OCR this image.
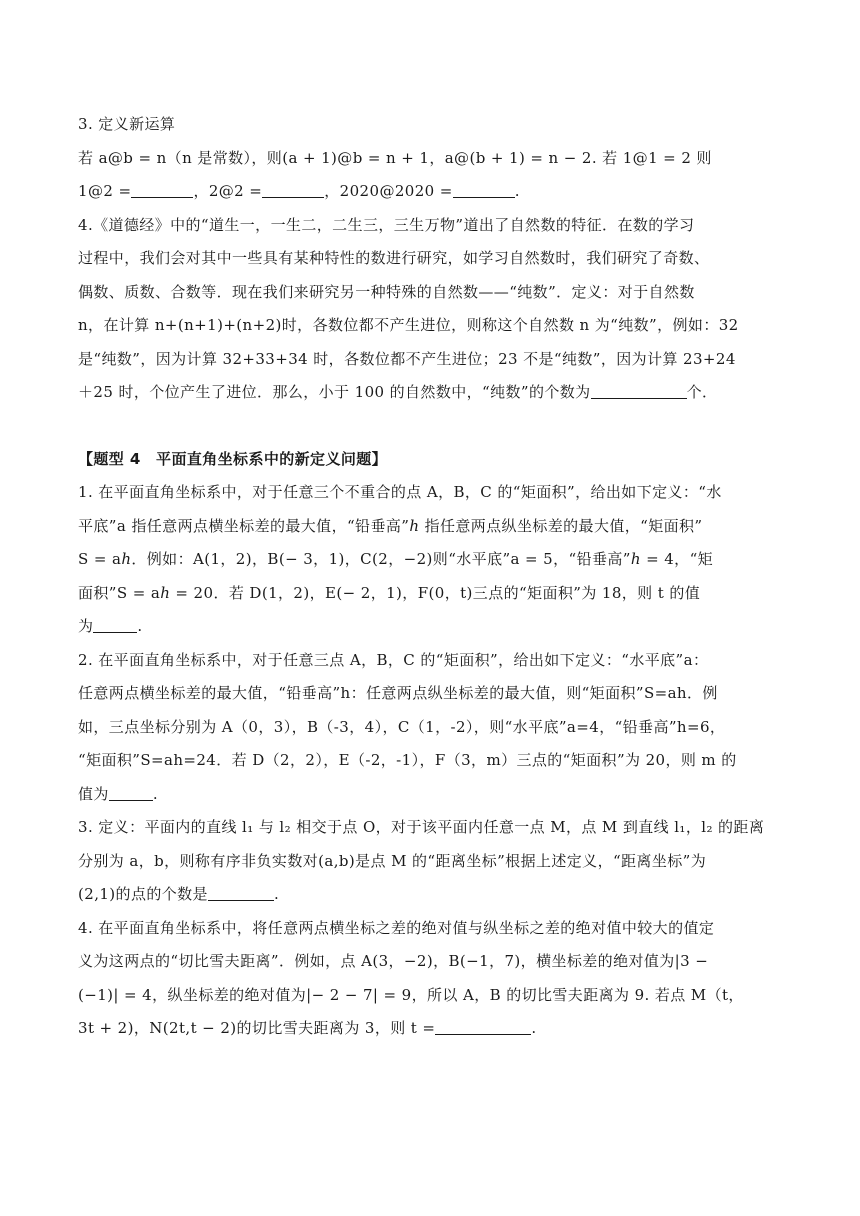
3. 定义新运算

若 a@b = n（n 是常数），则(a + 1)@b = n + 1，a@(b + 1) = n − 2. 若 1@1 = 2 则

1@2 =	，2@2 =	，2020@2020 =	.

4.《道德经》中的“道生一，一生二，二生三，三生万物”道出了自然数的特征．在数的学习

过程中，我们会对其中一些具有某种特性的数进行研究，如学习自然数时，我们研究了奇数、

偶数、质数、合数等．现在我们来研究另一种特殊的自然数——“纯数”．定义：对于自然数

n，在计算 n+(n+1)+(n+2)时，各数位都不产生进位，则称这个自然数 n 为“纯数”，例如：32

是“纯数”，因为计算 32+33+34 时，各数位都不产生进位；23 不是“纯数”，因为计算 23+24

＋25 时，个位产生了进位．那么，小于 100 的自然数中，“纯数”的个数为	个．

【题型 4　平面直角坐标系中的新定义问题】

1. 在平面直角坐标系中，对于任意三个不重合的点 A，B，C 的“矩面积”，给出如下定义：“水

平底”a 指任意两点横坐标差的最大值，“铅垂高”ℎ 指任意两点纵坐标差的最大值，“矩面积”

S = aℎ．例如：A(1，2)，B(− 3，1)，C(2，−2)则“水平底”a = 5，“铅垂高”ℎ = 4，“矩

面积”S = aℎ = 20．若 D(1，2)，E(− 2，1)，F(0，t)三点的“矩面积”为 18，则 t 的值

为	.

2. 在平面直角坐标系中，对于任意三点 A，B，C 的“矩面积”，给出如下定义：“水平底”a：

任意两点横坐标差的最大值，“铅垂高”h：任意两点纵坐标差的最大值，则“矩面积”S=ah．例

如，三点坐标分别为 A（0，3），B（-3，4），C（1，-2），则“水平底”a=4，“铅垂高”h=6，

“矩面积”S=ah=24．若 D（2，2），E（-2，-1），F（3，m）三点的“矩面积”为 20，则 m 的

值为	.

3. 定义：平面内的直线 l₁ 与 l₂ 相交于点 O，对于该平面内任意一点 M，点 M 到直线 l₁，l₂ 的距离

分别为 a，b，则称有序非负实数对(a,b)是点 M 的“距离坐标”根据上述定义，“距离坐标”为

(2,1)的点的个数是	.

4. 在平面直角坐标系中，将任意两点横坐标之差的绝对值与纵坐标之差的绝对值中较大的值定

义为这两点的“切比雪夫距离”．例如，点 A(3，−2)，B(−1，7)，横坐标差的绝对值为|3 −

(−1)| = 4，纵坐标差的绝对值为|− 2 − 7| = 9，所以 A，B 的切比雪夫距离为 9. 若点 M（t，

3t + 2)，N(2t,t − 2)的切比雪夫距离为 3，则 t =	.
